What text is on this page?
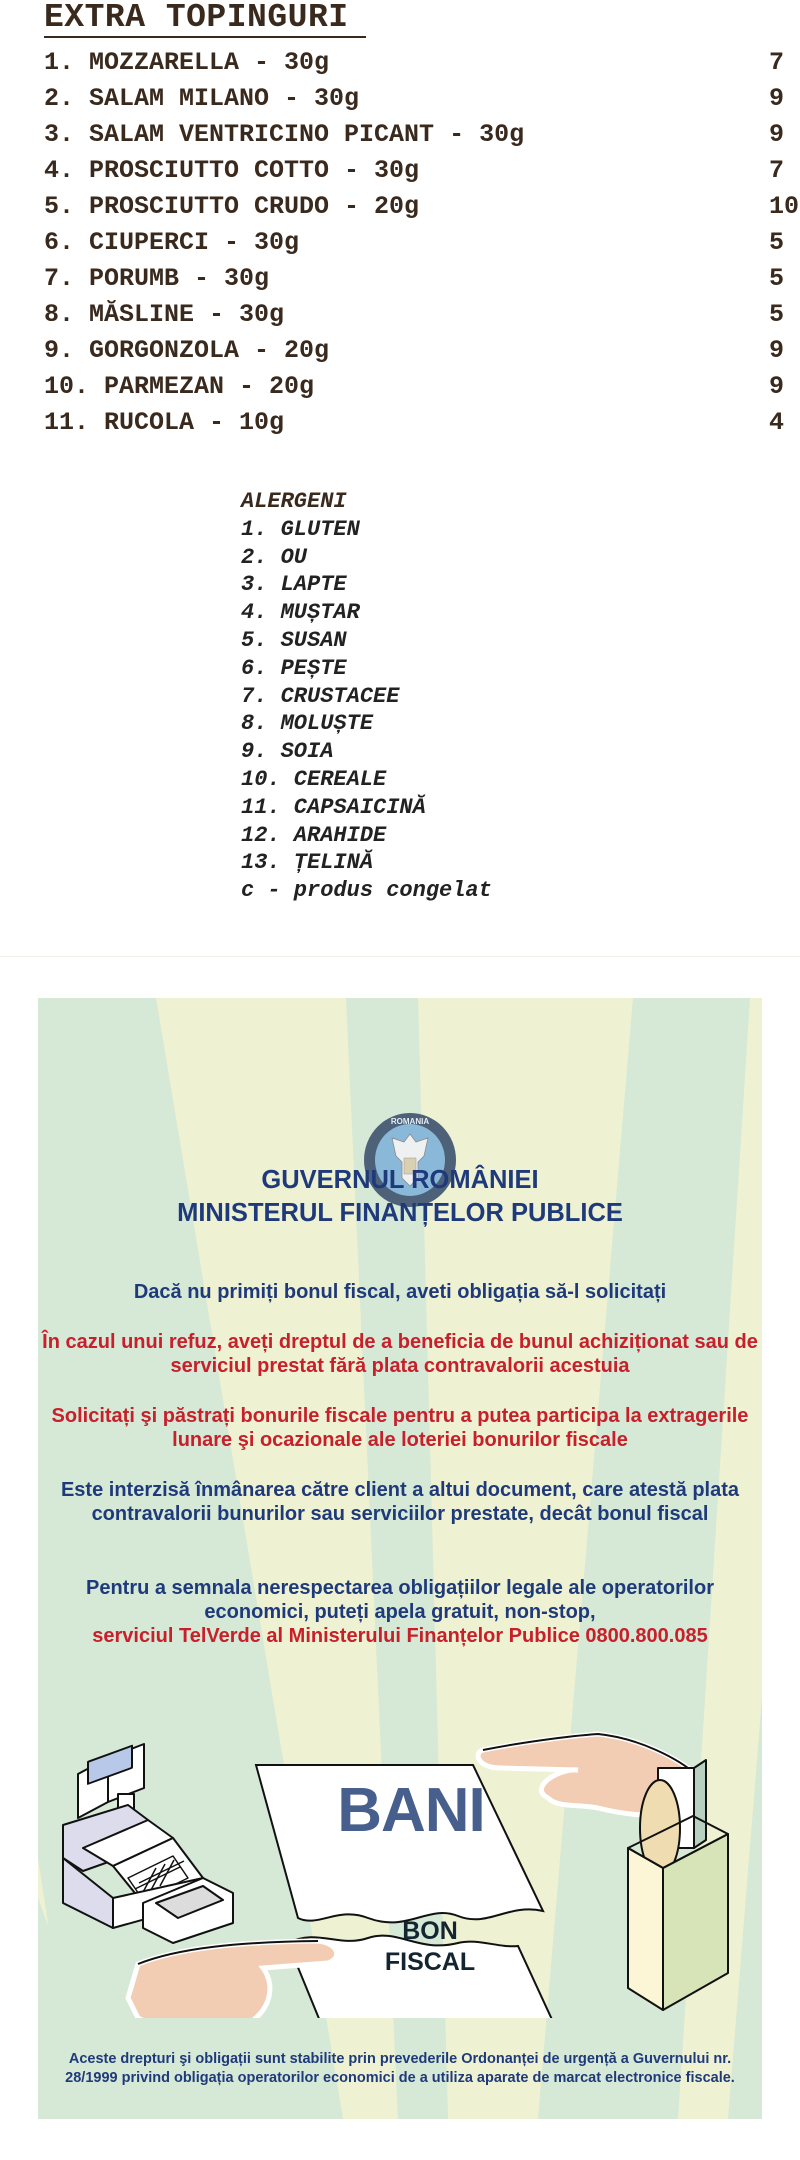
EXTRA TOPINGURI
1. MOZZARELLA - 30g	7
2. SALAM MILANO - 30g	9
3. SALAM VENTRICINO PICANT - 30g	9
4. PROSCIUTTO COTTO - 30g	7
5. PROSCIUTTO CRUDO - 20g	10
6. CIUPERCI - 30g	5
7. PORUMB - 30g	5
8. MĂSLINE - 30g	5
9. GORGONZOLA - 20g	9
10. PARMEZAN - 20g	9
11. RUCOLA - 10g	4
ALERGENI
1. GLUTEN
2. OU
3. LAPTE
4. MUȘTAR
5. SUSAN
6. PEȘTE
7. CRUSTACEE
8. MOLUȘTE
9. SOIA
10. CEREALE
11. CAPSAICINĂ
12. ARAHIDE
13. ȚELINĂ
c - produs congelat
ROMANIA
GUVERNUL ROMÂNIEI
MINISTERUL FINANȚELOR PUBLICE
Dacă nu primiți bonul fiscal, aveti obligația să-l solicitați
În cazul unui refuz, aveți dreptul de a beneficia de bunul achiziționat sau de serviciul prestat fără plata contravalorii acestuia
Solicitați şi păstrați bonurile fiscale pentru a putea participa la extragerile lunare şi ocazionale ale loteriei bonurilor fiscale
Este interzisă înmânarea către client a altui document, care atestă plata contravalorii bunurilor sau serviciilor prestate, decât bonul fiscal
Pentru a semnala nerespectarea obligațiilor legale ale operatorilor economici, puteți apela gratuit, non-stop,
serviciul TelVerde al Ministerului Finanțelor Publice 0800.800.085
BANI
BON
FISCAL
Aceste drepturi şi obligații sunt stabilite prin prevederile Ordonanței de urgență a Guvernului nr. 28/1999 privind obligația operatorilor economici de a utiliza aparate de marcat electronice fiscale.
